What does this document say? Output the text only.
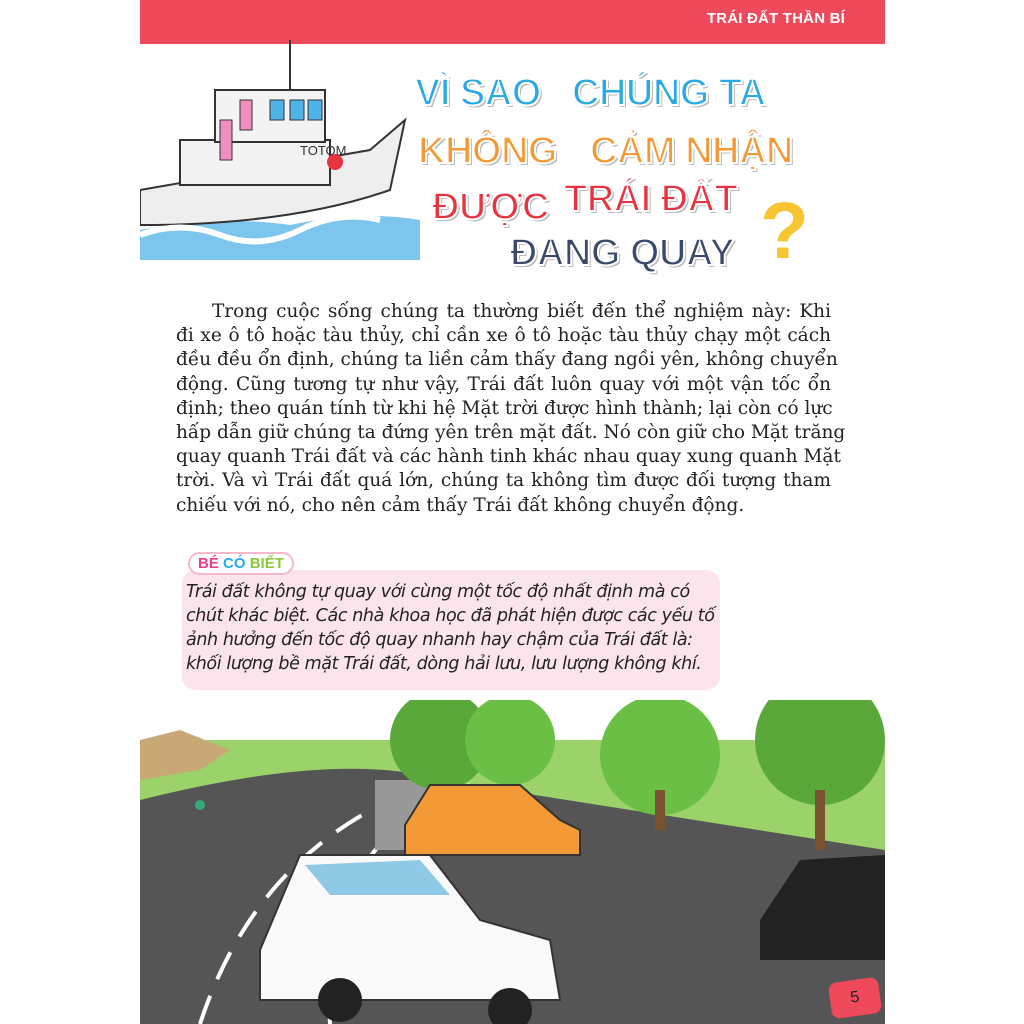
TRÁI ĐẤT THẦN BÍ
TOTOM
VÌ SAO CHÚNG TA
KHÔNG CẢM NHẬN
ĐƯỢC TRÁI ĐẤT
ĐANG QUAY ?
Trong cuộc sống chúng ta thường biết đến thể nghiệm này: Khi
đi xe ô tô hoặc tàu thủy, chỉ cần xe ô tô hoặc tàu thủy chạy một cách
đều đều ổn định, chúng ta liền cảm thấy đang ngồi yên, không chuyển
động. Cũng tương tự như vậy, Trái đất luôn quay với một vận tốc ổn
định; theo quán tính từ khi hệ Mặt trời được hình thành; lại còn có lực
hấp dẫn giữ chúng ta đứng yên trên mặt đất. Nó còn giữ cho Mặt trăng
quay quanh Trái đất và các hành tinh khác nhau quay xung quanh Mặt
trời. Và vì Trái đất quá lớn, chúng ta không tìm được đối tượng tham
chiếu với nó, cho nên cảm thấy Trái đất không chuyển động.
BÉ CÓ BIẾT
Trái đất không tự quay với cùng một tốc độ nhất định mà có chút khác biệt. Các nhà khoa học đã phát hiện được các yếu tố ảnh hưởng đến tốc độ quay nhanh hay chậm của Trái đất là: khối lượng bề mặt Trái đất, dòng hải lưu, lưu lượng không khí.
5
